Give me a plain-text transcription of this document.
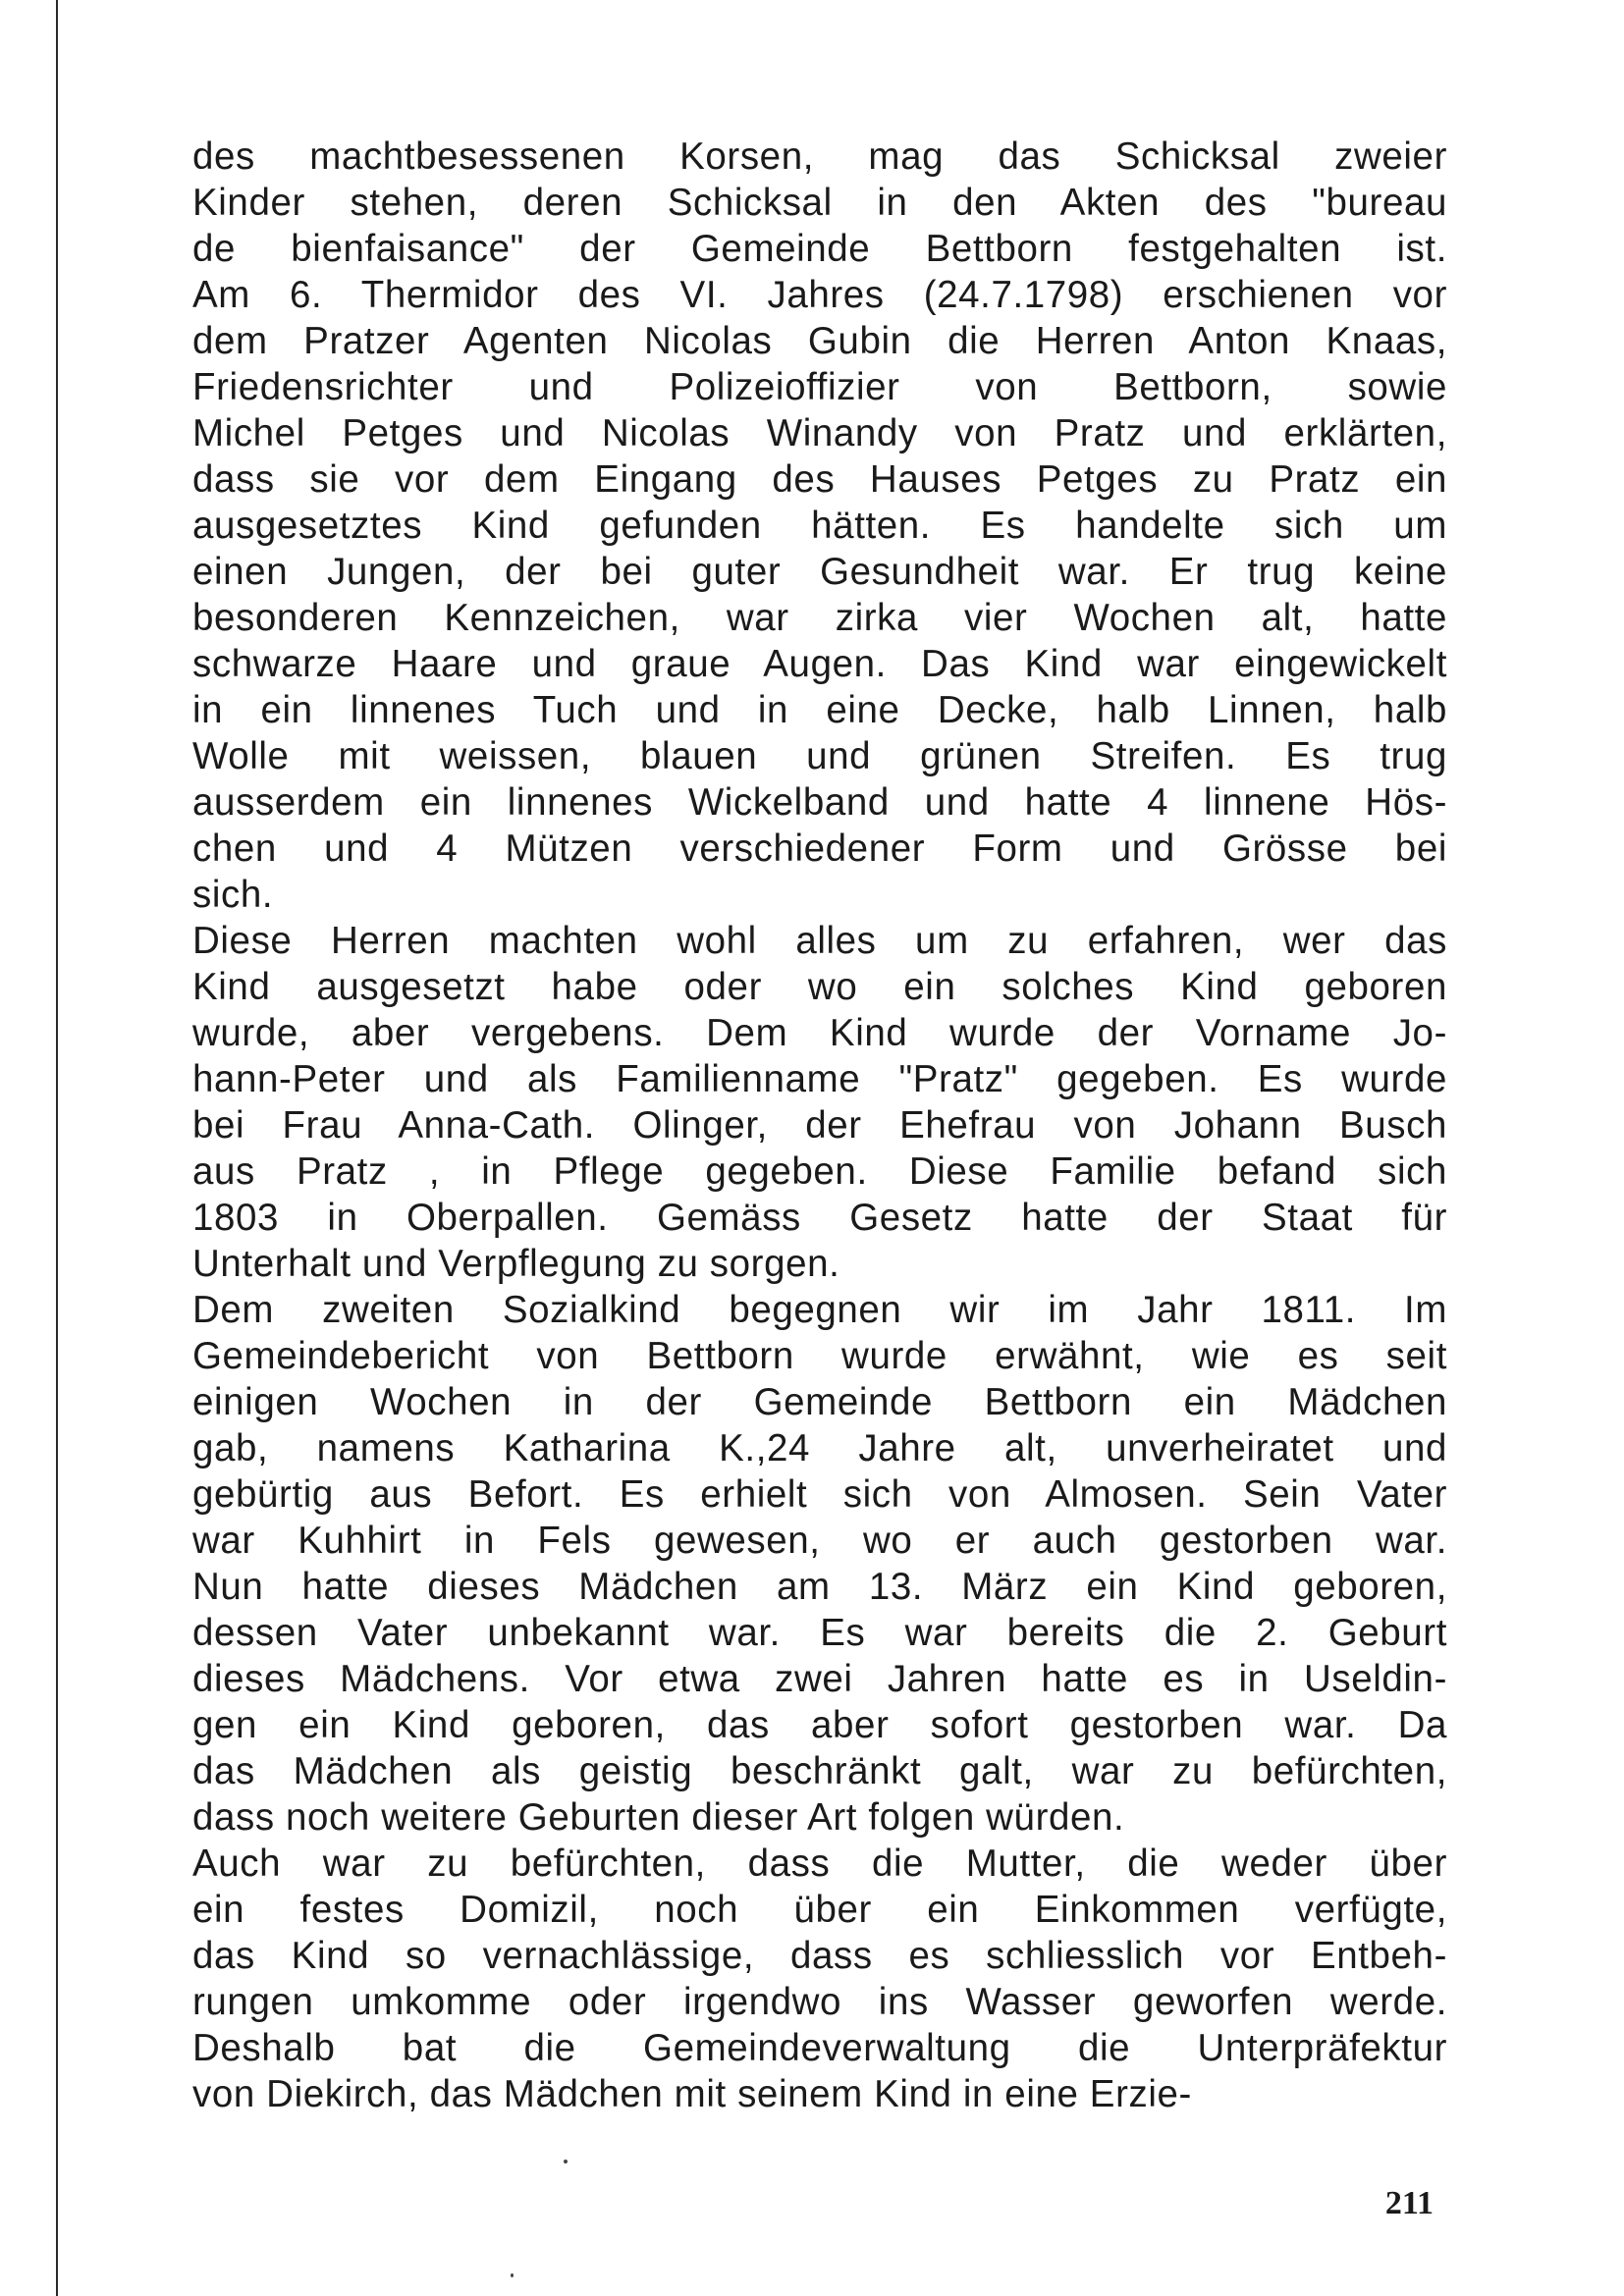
des machtbesessenen Korsen, mag das Schicksal zweier
Kinder stehen, deren Schicksal in den Akten des "bureau
de bienfaisance" der Gemeinde Bettborn festgehalten ist.
Am 6. Thermidor des VI. Jahres (24.7.1798) erschienen vor
dem Pratzer Agenten Nicolas Gubin die Herren Anton Knaas,
Friedensrichter und Polizeioffizier von Bettborn, sowie
Michel Petges und Nicolas Winandy von Pratz und erklärten,
dass sie vor dem Eingang des Hauses Petges zu Pratz ein
ausgesetztes Kind gefunden hätten. Es handelte sich um
einen Jungen, der bei guter Gesundheit war. Er trug keine
besonderen Kennzeichen, war zirka vier Wochen alt, hatte
schwarze Haare und graue Augen. Das Kind war eingewickelt
in ein linnenes Tuch und in eine Decke, halb Linnen, halb
Wolle mit weissen, blauen und grünen Streifen. Es trug
ausserdem ein linnenes Wickelband und hatte 4 linnene Hös-
chen und 4 Mützen verschiedener Form und Grösse bei
sich.
Diese Herren machten wohl alles um zu erfahren, wer das
Kind ausgesetzt habe oder wo ein solches Kind geboren
wurde, aber vergebens. Dem Kind wurde der Vorname Jo-
hann-Peter und als Familienname "Pratz" gegeben. Es wurde
bei Frau Anna-Cath. Olinger, der Ehefrau von Johann Busch
aus Pratz , in Pflege gegeben. Diese Familie befand sich
1803 in Oberpallen. Gemäss Gesetz hatte der Staat für
Unterhalt und Verpflegung zu sorgen.
Dem zweiten Sozialkind begegnen wir im Jahr 1811. Im
Gemeindebericht von Bettborn wurde erwähnt, wie es seit
einigen Wochen in der Gemeinde Bettborn ein Mädchen
gab, namens Katharina K.,24 Jahre alt, unverheiratet und
gebürtig aus Befort. Es erhielt sich von Almosen. Sein Vater
war Kuhhirt in Fels gewesen, wo er auch gestorben war.
Nun hatte dieses Mädchen am 13. März ein Kind geboren,
dessen Vater unbekannt war. Es war bereits die 2. Geburt
dieses Mädchens. Vor etwa zwei Jahren hatte es in Useldin-
gen ein Kind geboren, das aber sofort gestorben war. Da
das Mädchen als geistig beschränkt galt, war zu befürchten,
dass noch weitere Geburten dieser Art folgen würden.
Auch war zu befürchten, dass die Mutter, die weder über
ein festes Domizil, noch über ein Einkommen verfügte,
das Kind so vernachlässige, dass es schliesslich vor Entbeh-
rungen umkomme oder irgendwo ins Wasser geworfen werde.
Deshalb bat die Gemeindeverwaltung die Unterpräfektur
von Diekirch, das Mädchen mit seinem Kind in eine Erzie-
211
